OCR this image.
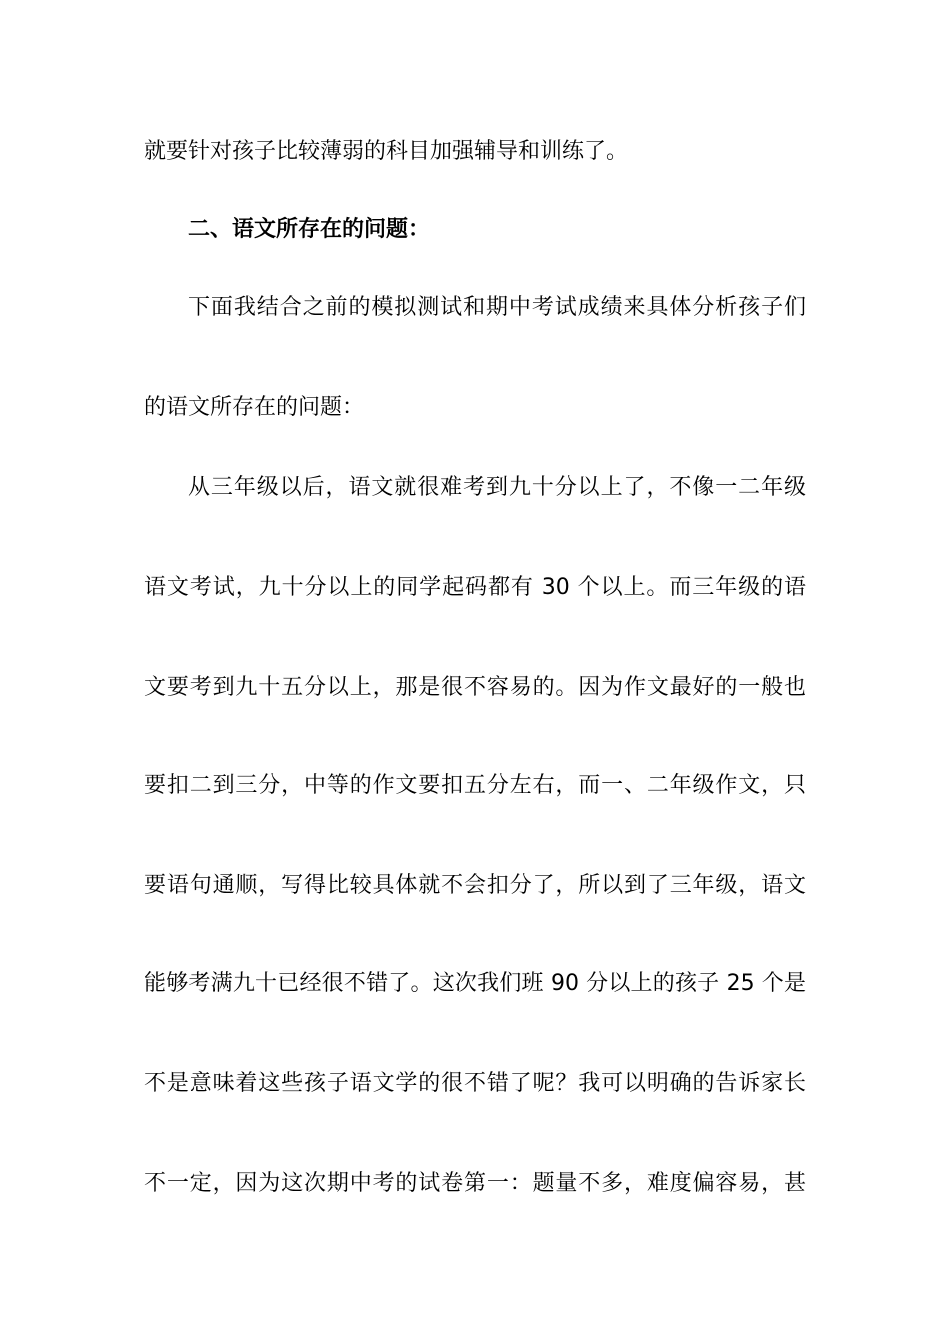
就要针对孩子比较薄弱的科目加强辅导和训练了。
二、语文所存在的问题：
下面我结合之前的模拟测试和期中考试成绩来具体分析孩子们
的语文所存在的问题：
从三年级以后，语文就很难考到九十分以上了，不像一二年级
语文考试，九十分以上的同学起码都有 30 个以上。而三年级的语
文要考到九十五分以上，那是很不容易的。因为作文最好的一般也
要扣二到三分，中等的作文要扣五分左右，而一、二年级作文，只
要语句通顺，写得比较具体就不会扣分了，所以到了三年级，语文
能够考满九十已经很不错了。这次我们班 90 分以上的孩子 25 个是
不是意味着这些孩子语文学的很不错了呢？我可以明确的告诉家长
不一定，因为这次期中考的试卷第一：题量不多，难度偏容易，甚
